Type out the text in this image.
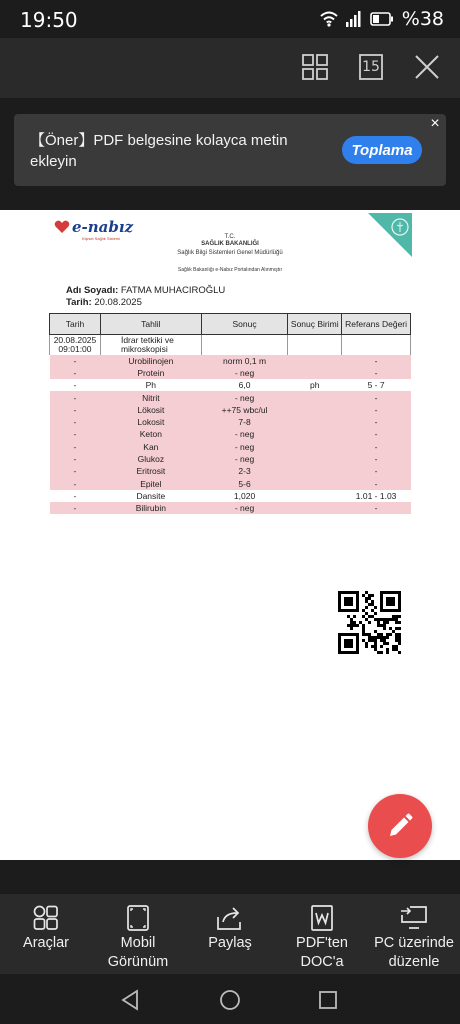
19:50	%38
15
【Öner】PDF belgesine kolayca metin ekleyin
Toplama
×
e-nabız
Kişisel Sağlık Sistemi	T.C.
SAĞLIK BAKANLIĞI
Sağlık Bilgi Sistemleri Genel Müdürlüğü
Sağlık Bakanlığı e-Nabız Portalından Alınmıştır
Adı Soyadı: FATMA MUHACIROĞLU
Tarih: 20.08.2025
Tarih	Tahlil	Sonuç	Sonuç Birimi	Referans Değeri
20.08.2025 09:01:00	İdrar tetkiki ve mikroskopisi			
-	Urobilinojen	norm 0,1 m		-
-	Protein	- neg		-
-	Ph	6,0	ph	5 - 7
-	Nitrit	- neg		-
-	Lökosit	++75 wbc/ul		-
-	Lokosit	7-8		-
-	Keton	- neg		-
-	Kan	- neg		-
-	Glukoz	- neg		-
-	Eritrosit	2-3		-
-	Epitel	5-6		-
-	Dansite	1,020		1.01 - 1.03
-	Bilirubin	- neg		-
Araçlar	Mobil Görünüm
Paylaş	PDF'ten DOC'a
PC üzerinde düzenle
